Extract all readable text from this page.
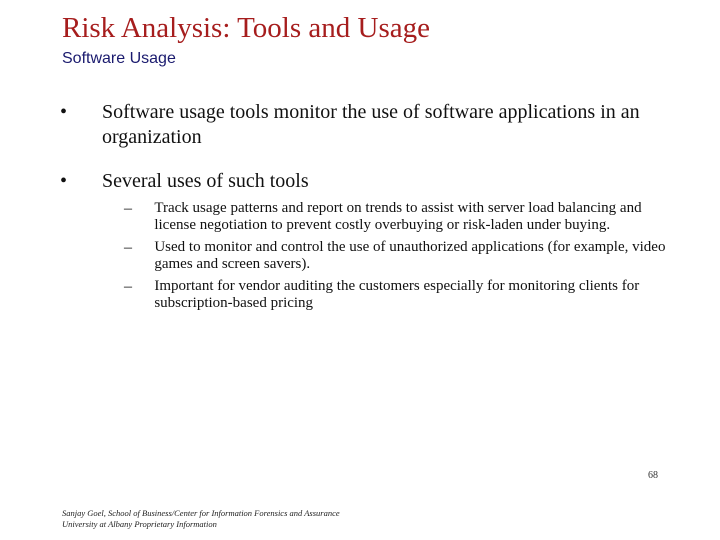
Risk Analysis: Tools and Usage
Software Usage
•	Software usage tools monitor the use of software applications in an organization
•	Several uses of such tools
–	Track usage patterns and report on trends to assist with server load balancing and license negotiation to prevent costly overbuying or risk-laden under buying.
–	Used to monitor and control the use of unauthorized applications (for example, video games and screen savers).
–	Important for vendor auditing the customers especially for monitoring clients for subscription-based pricing
Sanjay Goel, School of Business/Center for Information Forensics and Assurance
University at Albany Proprietary Information
68
